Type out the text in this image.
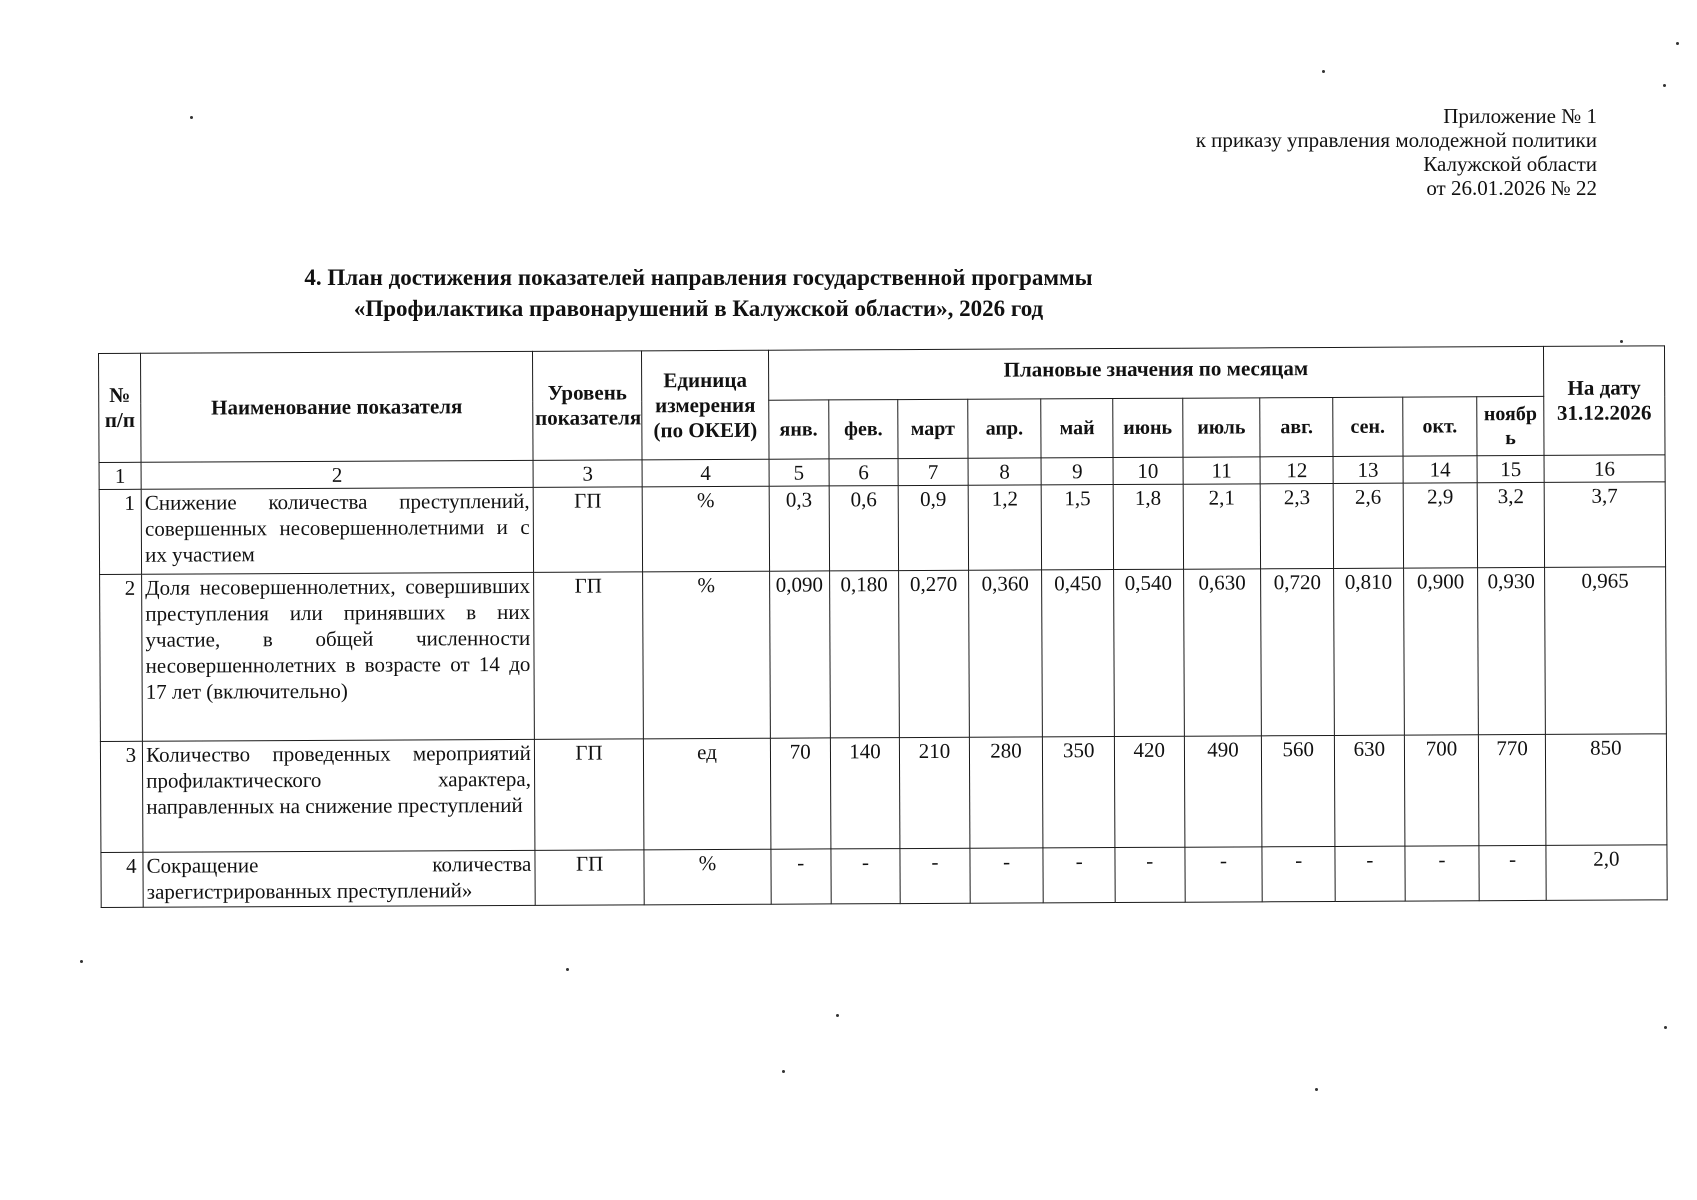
Приложение № 1
к приказу управления молодежной политики
Калужской области
от 26.01.2026 № 22
4. План достижения показателей направления государственной программы
«Профилактика правонарушений в Калужской области», 2026 год
№ п/п	Наименование показателя	Уровень показателя	Единица измерения (по ОКЕИ)	Плановые значения по месяцам											На дату 31.12.2026
				янв.	фев.	март	апр.	май	июнь	июль	авг.	сен.	окт.	ноябрь	
1	2	3	4	5	6	7	8	9	10	11	12	13	14	15	16
1	Снижение количества преступлений, совершенных несовершеннолетними и с их участием	ГП	%	0,3	0,6	0,9	1,2	1,5	1,8	2,1	2,3	2,6	2,9	3,2	3,7
2	Доля несовершеннолетних, совершивших преступления или принявших в них участие, в общей численности несовершеннолетних в возрасте от 14 до 17 лет (включительно)	ГП	%	0,090	0,180	0,270	0,360	0,450	0,540	0,630	0,720	0,810	0,900	0,930	0,965
3	Количество проведенных мероприятий профилактического характера, направленных на снижение преступлений	ГП	ед	70	140	210	280	350	420	490	560	630	700	770	850
4	Сокращение количества зарегистрированных преступлений»	ГП	%	-	-	-	-	-	-	-	-	-	-	-	2,0
